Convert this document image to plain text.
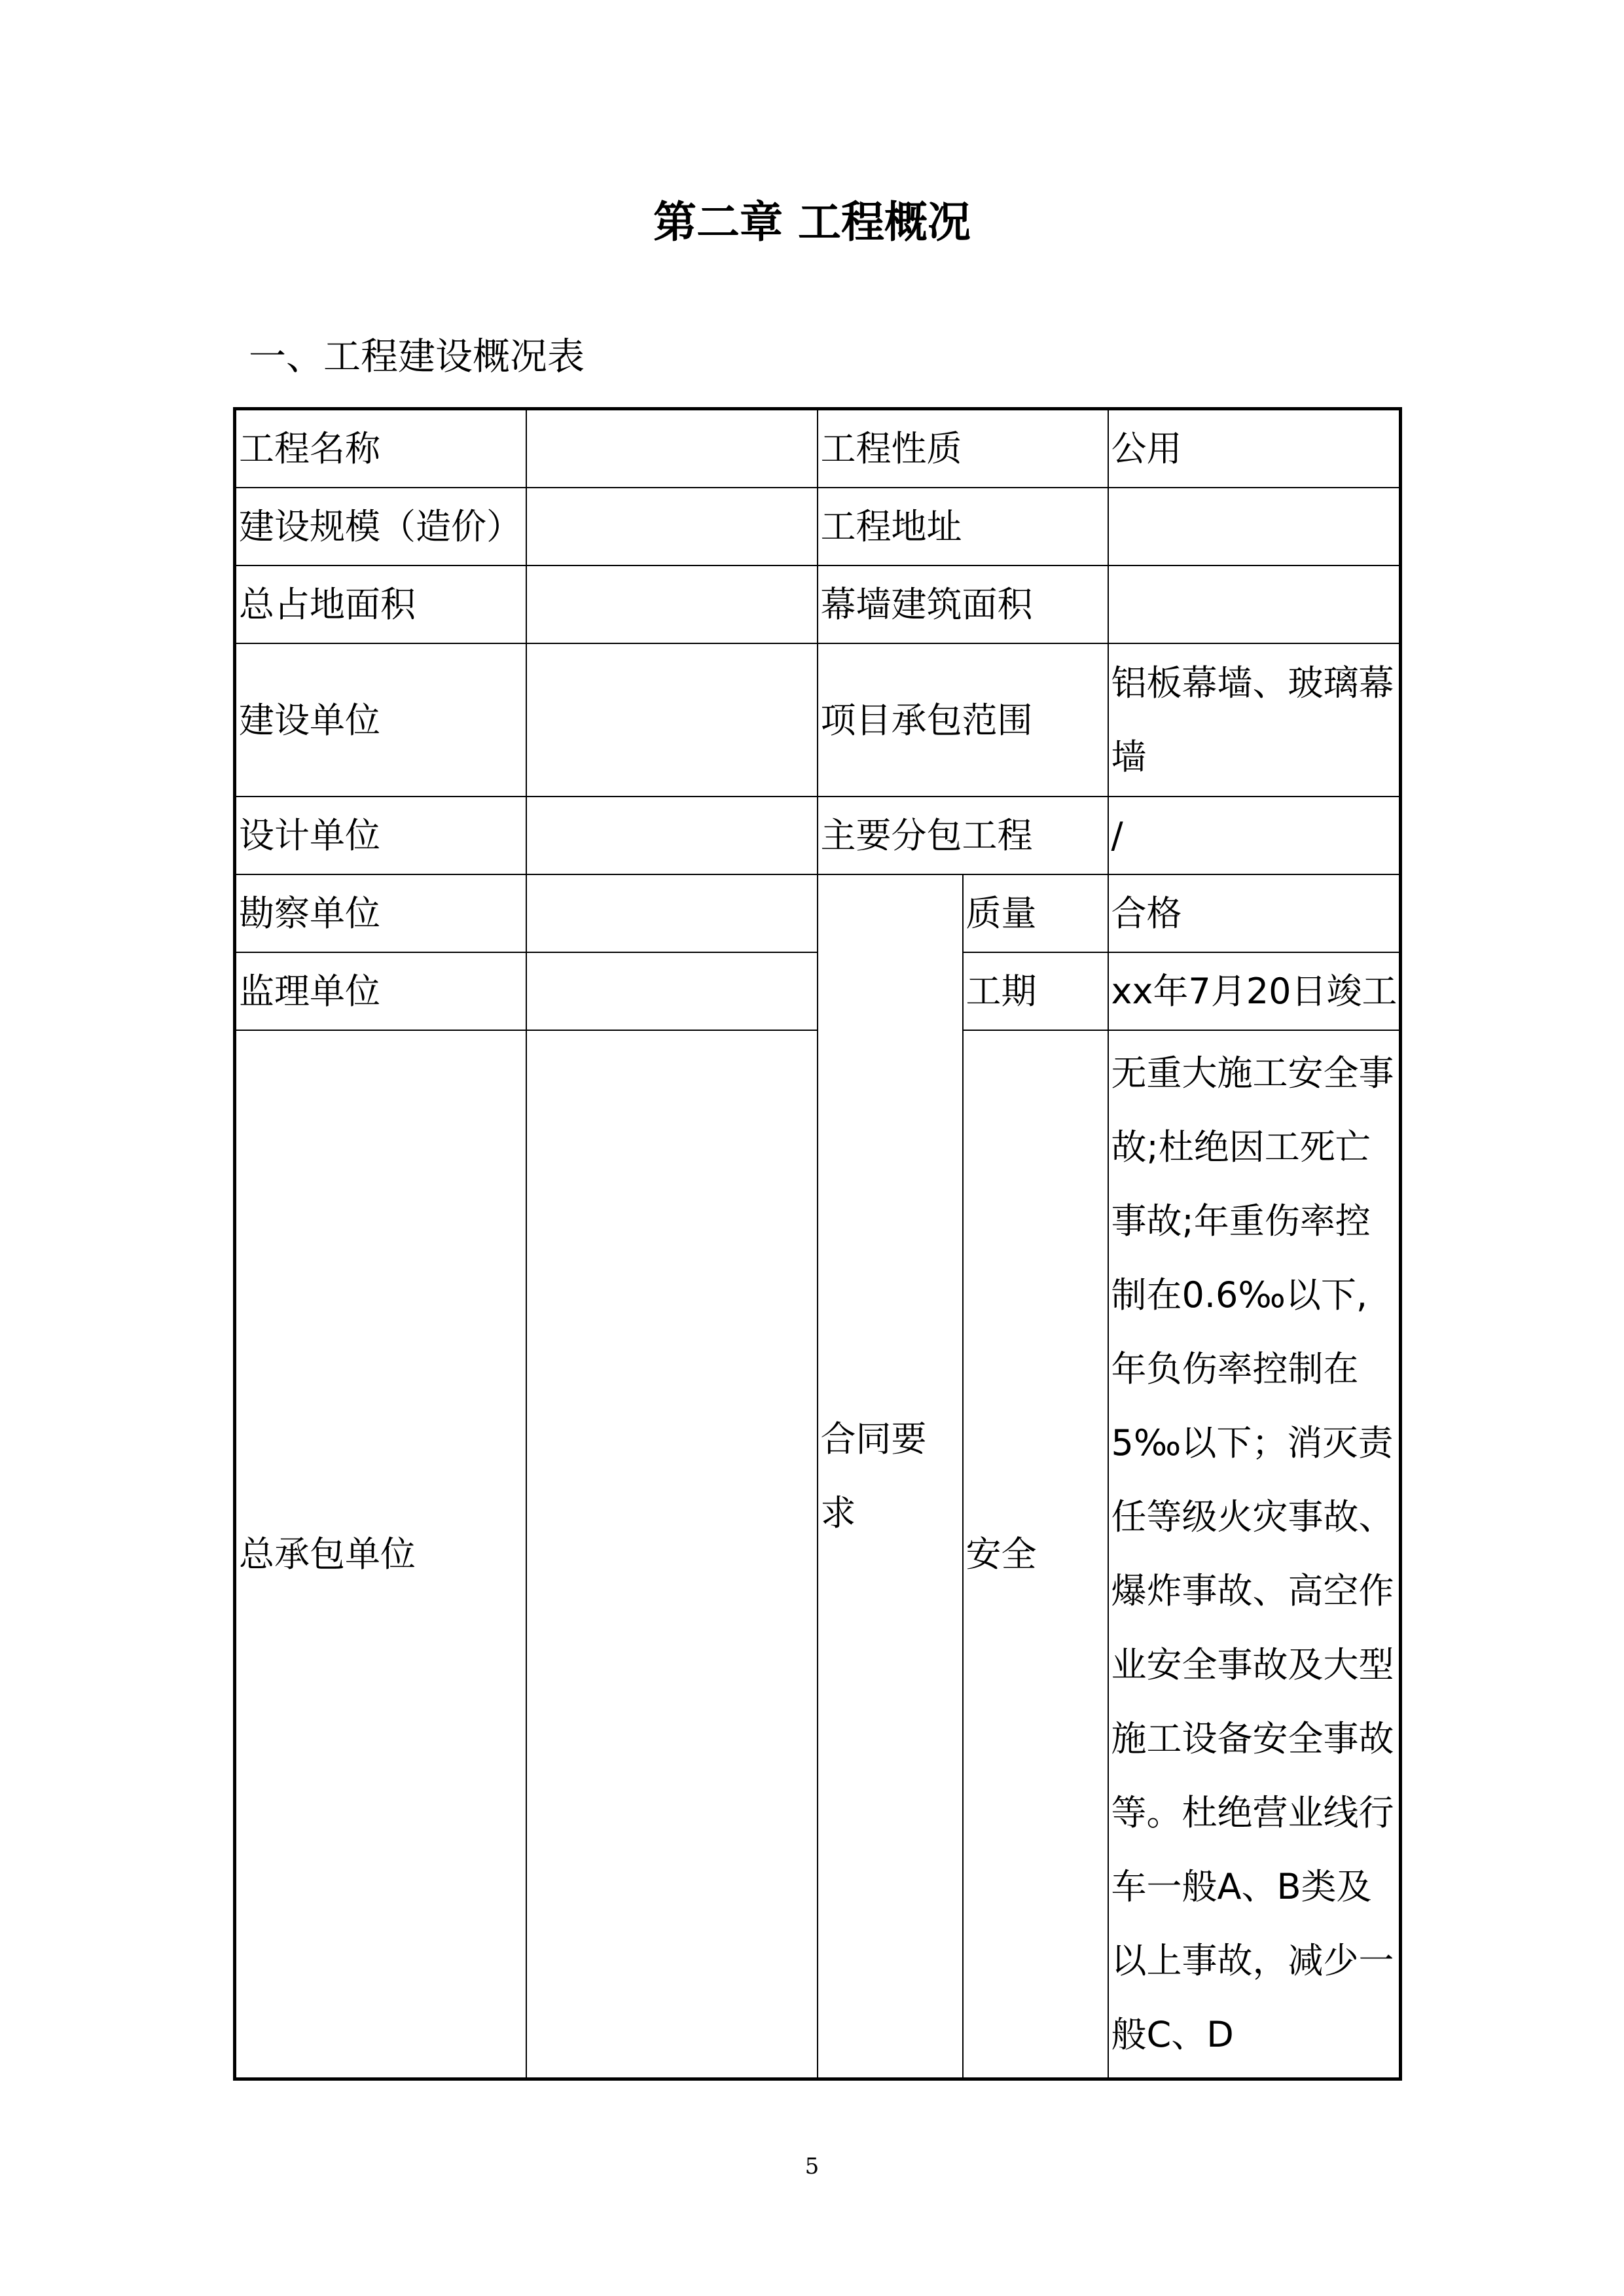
第二章 工程概况
一、工程建设概况表
工程名称		工程性质		公用
建设规模（造价）		工程地址		
总占地面积		幕墙建筑面积		
建设单位		项目承包范围		铝板幕墙、玻璃幕墙
设计单位		主要分包工程		/
勘察单位		合同要求	质量	合格
监理单位			工期	xx年7月20日竣工
总承包单位			安全	无重大施工安全事故;杜绝因工死亡事故;年重伤率控制在0.6‰以下,年负伤率控制在5‰以下；消灭责任等级火灾事故、爆炸事故、高空作业安全事故及大型施工设备安全事故等。杜绝营业线行车一般A、B类及以上事故，减少一般C、D
5
